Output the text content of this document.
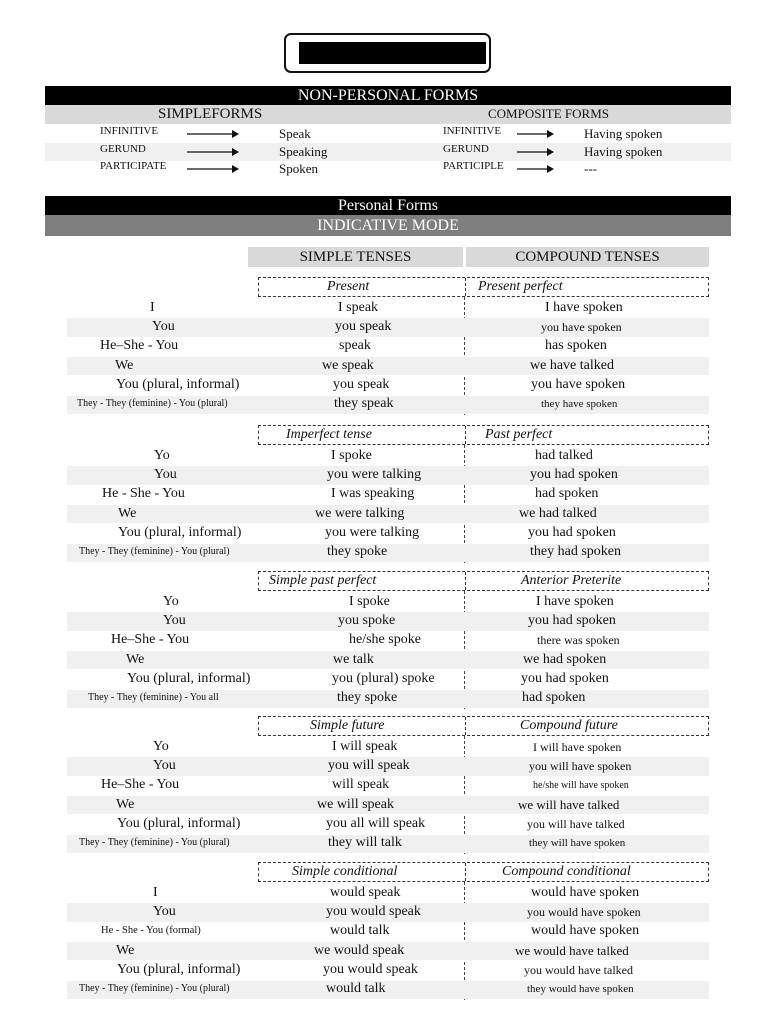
NON-PERSONAL FORMS
SIMPLEFORMS	COMPOSITE FORMS
INFINITIVE	Speak	INFINITIVE	Having spoken
GERUND	Speaking	GERUND	Having spoken
PARTICIPATE	Spoken	PARTICIPLE	---
Personal Forms
INDICATIVE MODE
SIMPLE TENSES	COMPOUND TENSES
Present	Present perfect
I	I speak	I have spoken
You	you speak	you have spoken
He–She - You	speak	has spoken
We	we speak	we have talked
You (plural, informal)	you speak	you have spoken
They - They (feminine) - You (plural)	they speak	they have spoken
Imperfect tense	Past perfect
Yo	I spoke	had talked
You	you were talking	you had spoken
He - She - You	I was speaking	had spoken
We	we were talking	we had talked
You (plural, informal)	you were talking	you had spoken
They - They (feminine) - You (plural)	they spoke	they had spoken
Simple past perfect	Anterior Preterite
Yo	I spoke	I have spoken
You	you spoke	you had spoken
He–She - You	he/she spoke	there was spoken
We	we talk	we had spoken
You (plural, informal)	you (plural) spoke	you had spoken
They - They (feminine) - You all	they spoke	had spoken
Simple future	Compound future
Yo	I will speak	I will have spoken
You	you will speak	you will have spoken
He–She - You	will speak	he/she will have spoken
We	we will speak	we will have talked
You (plural, informal)	you all will speak	you will have talked
They - They (feminine) - You (plural)	they will talk	they will have spoken
Simple conditional	Compound conditional
I	would speak	would have spoken
You	you would speak	you would have spoken
He - She - You (formal)	would talk	would have spoken
We	we would speak	we would have talked
You (plural, informal)	you would speak	you would have talked
They - They (feminine) - You (plural)	would talk	they would have spoken
